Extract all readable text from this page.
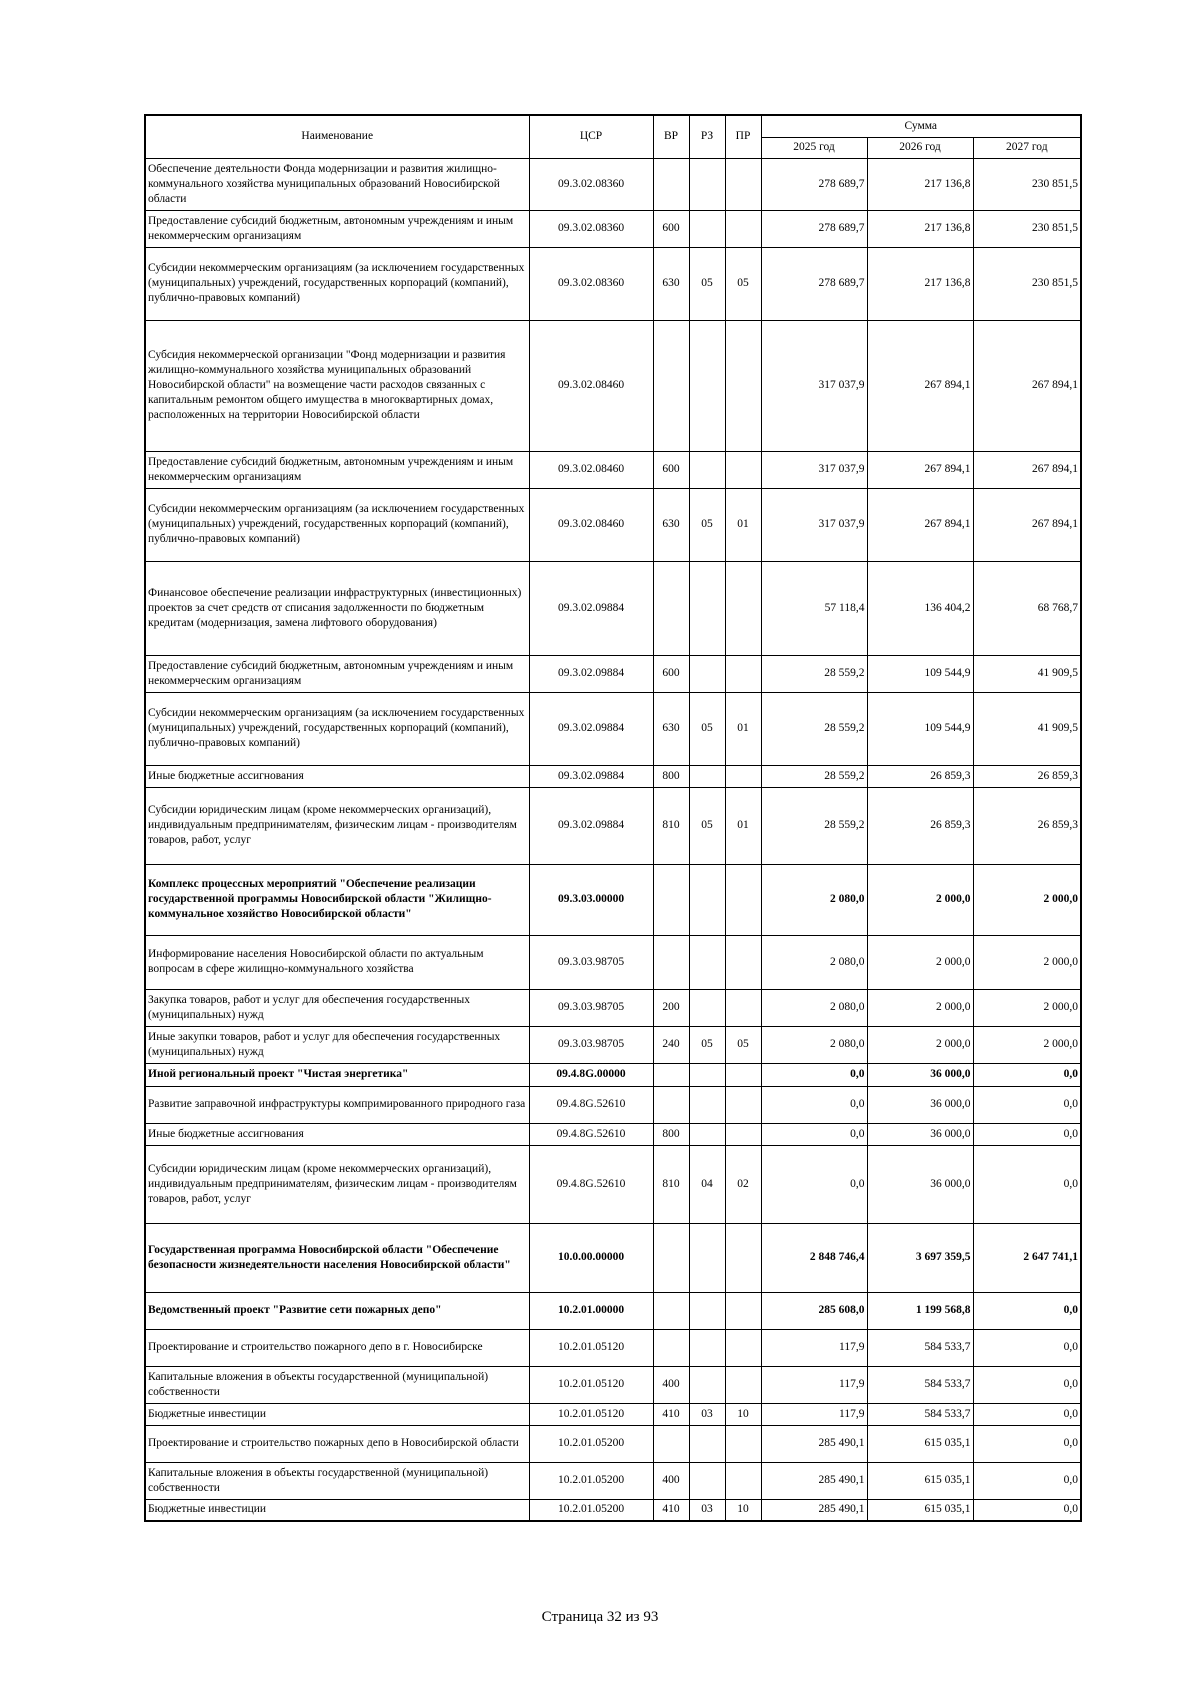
Наименование	ЦСР	ВР	РЗ	ПР	Сумма		
					2025 год	2026 год	2027 год
Обеспечение деятельности Фонда модернизации и развития жилищно-коммунального хозяйства муниципальных образований Новосибирской области	09.3.02.08360				278 689,7	217 136,8	230 851,5
Предоставление субсидий бюджетным, автономным учреждениям и иным некоммерческим организациям	09.3.02.08360	600			278 689,7	217 136,8	230 851,5
Субсидии некоммерческим организациям (за исключением государственных (муниципальных) учреждений, государственных корпораций (компаний), публично-правовых компаний)	09.3.02.08360	630	05	05	278 689,7	217 136,8	230 851,5
Субсидия некоммерческой организации "Фонд модернизации и развития жилищно-коммунального хозяйства муниципальных образований Новосибирской области" на возмещение части расходов связанных с капитальным ремонтом общего имущества в многоквартирных домах, расположенных на территории Новосибирской области	09.3.02.08460				317 037,9	267 894,1	267 894,1
Предоставление субсидий бюджетным, автономным учреждениям и иным некоммерческим организациям	09.3.02.08460	600			317 037,9	267 894,1	267 894,1
Субсидии некоммерческим организациям (за исключением государственных (муниципальных) учреждений, государственных корпораций (компаний), публично-правовых компаний)	09.3.02.08460	630	05	01	317 037,9	267 894,1	267 894,1
Финансовое обеспечение реализации инфраструктурных (инвестиционных) проектов за счет средств от списания задолженности по бюджетным кредитам (модернизация, замена лифтового оборудования)	09.3.02.09884				57 118,4	136 404,2	68 768,7
Предоставление субсидий бюджетным, автономным учреждениям и иным некоммерческим организациям	09.3.02.09884	600			28 559,2	109 544,9	41 909,5
Субсидии некоммерческим организациям (за исключением государственных (муниципальных) учреждений, государственных корпораций (компаний), публично-правовых компаний)	09.3.02.09884	630	05	01	28 559,2	109 544,9	41 909,5
Иные бюджетные ассигнования	09.3.02.09884	800			28 559,2	26 859,3	26 859,3
Субсидии юридическим лицам (кроме некоммерческих организаций), индивидуальным предпринимателям, физическим лицам - производителям товаров, работ, услуг	09.3.02.09884	810	05	01	28 559,2	26 859,3	26 859,3
Комплекс процессных мероприятий "Обеспечение реализации государственной программы Новосибирской области "Жилищно-коммунальное хозяйство Новосибирской области"	09.3.03.00000				2 080,0	2 000,0	2 000,0
Информирование населения Новосибирской области по актуальным вопросам в сфере жилищно-коммунального хозяйства	09.3.03.98705				2 080,0	2 000,0	2 000,0
Закупка товаров, работ и услуг для обеспечения государственных (муниципальных) нужд	09.3.03.98705	200			2 080,0	2 000,0	2 000,0
Иные закупки товаров, работ и услуг для обеспечения государственных (муниципальных) нужд	09.3.03.98705	240	05	05	2 080,0	2 000,0	2 000,0
Иной региональный проект "Чистая энергетика"	09.4.8G.00000				0,0	36 000,0	0,0
Развитие заправочной инфраструктуры компримированного природного газа	09.4.8G.52610				0,0	36 000,0	0,0
Иные бюджетные ассигнования	09.4.8G.52610	800			0,0	36 000,0	0,0
Субсидии юридическим лицам (кроме некоммерческих организаций), индивидуальным предпринимателям, физическим лицам - производителям товаров, работ, услуг	09.4.8G.52610	810	04	02	0,0	36 000,0	0,0
Государственная программа Новосибирской области "Обеспечение безопасности жизнедеятельности населения Новосибирской области"	10.0.00.00000				2 848 746,4	3 697 359,5	2 647 741,1
Ведомственный проект "Развитие сети пожарных депо"	10.2.01.00000				285 608,0	1 199 568,8	0,0
Проектирование и строительство пожарного депо в г. Новосибирске	10.2.01.05120				117,9	584 533,7	0,0
Капитальные вложения в объекты государственной (муниципальной) собственности	10.2.01.05120	400			117,9	584 533,7	0,0
Бюджетные инвестиции	10.2.01.05120	410	03	10	117,9	584 533,7	0,0
Проектирование и строительство пожарных депо в Новосибирской области	10.2.01.05200				285 490,1	615 035,1	0,0
Капитальные вложения в объекты государственной (муниципальной) собственности	10.2.01.05200	400			285 490,1	615 035,1	0,0
Бюджетные инвестиции	10.2.01.05200	410	03	10	285 490,1	615 035,1	0,0
Страница 32 из 93
